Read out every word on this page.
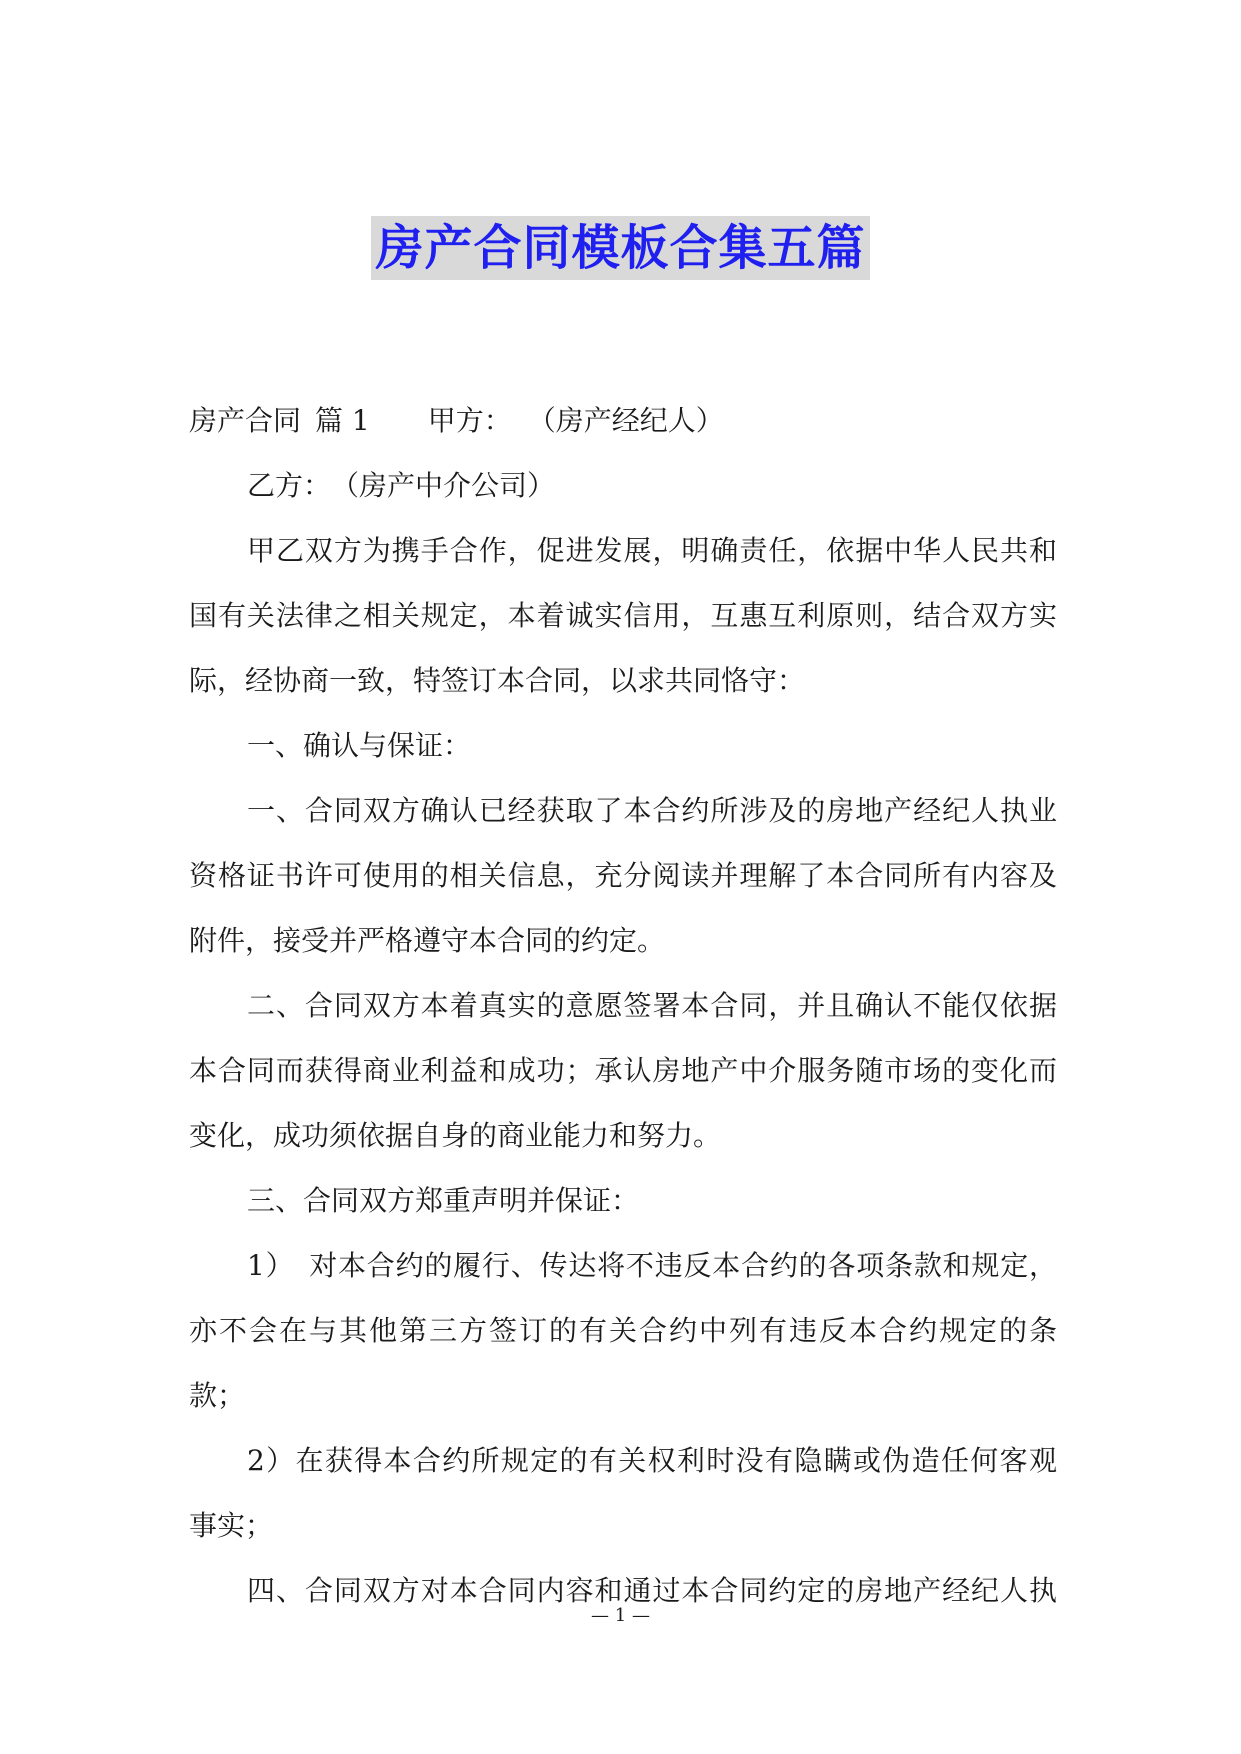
房产合同模板合集五篇
房产合同 篇 1 甲方： （房产经纪人）
乙方：　（房产中介公司）
甲乙双方为携手合作，促进发展，明确责任，依据中华人民共和
国有关法律之相关规定，本着诚实信用，互惠互利原则，结合双方实
际，经协商一致，特签订本合同，以求共同恪守：
一、确认与保证：
一、合同双方确认已经获取了本合约所涉及的房地产经纪人执业
资格证书许可使用的相关信息，充分阅读并理解了本合同所有内容及
附件，接受并严格遵守本合同的约定。
二、合同双方本着真实的意愿签署本合同，并且确认不能仅依据
本合同而获得商业利益和成功；承认房地产中介服务随市场的变化而
变化，成功须依据自身的商业能力和努力。
三、合同双方郑重声明并保证：
1）　对本合约的履行、传达将不违反本合约的各项条款和规定，
亦不会在与其他第三方签订的有关合约中列有违反本合约规定的条
款；
2）在获得本合约所规定的有关权利时没有隐瞒或伪造任何客观
事实；
四、合同双方对本合同内容和通过本合同约定的房地产经纪人执
— 1 —
